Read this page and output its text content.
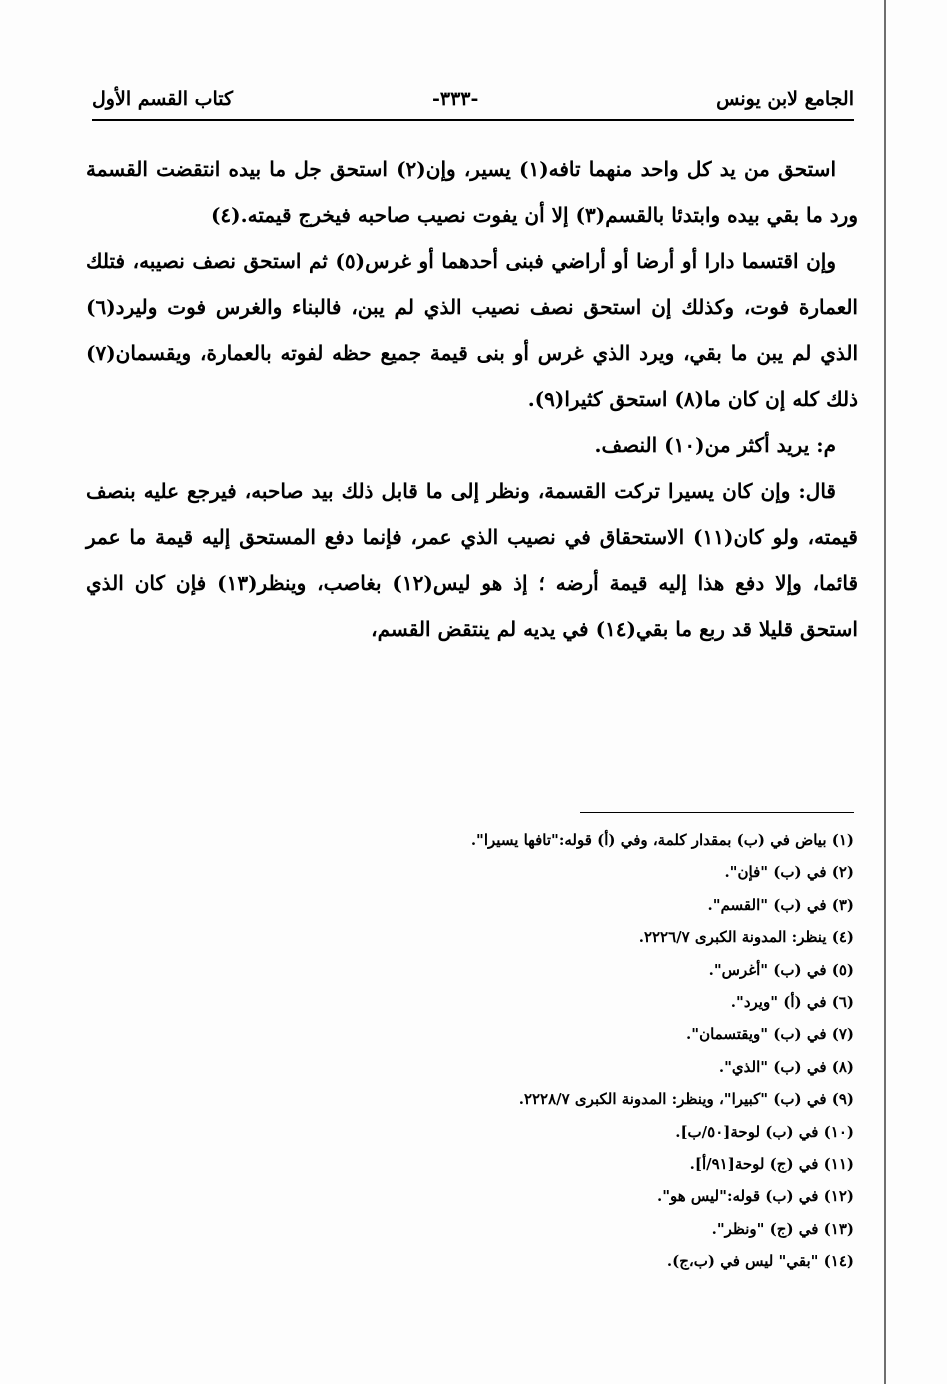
الجامع لابن يونس
-٣٣٣-
كتاب القسم الأول

استحق من يد كل واحد منهما تافه(١) يسير، وإن(٢) استحق جل ما بيده انتقضت القسمة ورد ما بقي بيده وابتدئا بالقسم(٣) إلا أن يفوت نصيب صاحبه فيخرج قيمته.(٤)

وإن اقتسما دارا أو أرضا أو أراضي فبنى أحدهما أو غرس(٥) ثم استحق نصف نصيبه، فتلك العمارة فوت، وكذلك إن استحق نصف نصيب الذي لم يبن، فالبناء والغرس فوت وليرد(٦) الذي لم يبن ما بقي، ويرد الذي غرس أو بنى قيمة جميع حظه لفوته بالعمارة، ويقسمان(٧) ذلك كله إن كان ما(٨) استحق كثيرا(٩).

م: يريد أكثر من(١٠) النصف.

قال: وإن كان يسيرا تركت القسمة، ونظر إلى ما قابل ذلك بيد صاحبه، فيرجع عليه بنصف قيمته، ولو كان(١١) الاستحقاق في نصيب الذي عمر، فإنما دفع المستحق إليه قيمة ما عمر قائما، وإلا دفع هذا إليه قيمة أرضه ؛ إذ هو ليس(١٢) بغاصب، وينظر(١٣) فإن كان الذي استحق قليلا قد ربع ما بقي(١٤) في يديه لم ينتقض القسم،

(١) بياض في (ب) بمقدار كلمة، وفي (أ) قوله:"تافها يسيرا".
(٢) في (ب) "فإن".
(٣) في (ب) "القسم".
(٤) ينظر: المدونة الكبرى ٢٢٢٦/٧.
(٥) في (ب) "أغرس".
(٦) في (أ) "ويرد".
(٧) في (ب) "ويقتسمان".
(٨) في (ب) "الذي".
(٩) في (ب) "كبيرا"، وينظر: المدونة الكبرى ٢٢٢٨/٧.
(١٠) في (ب) لوحة[٥٠/ب].
(١١) في (ج) لوحة[٩١/أ].
(١٢) في (ب) قوله:"ليس هو".
(١٣) في (ج) "ونظر".
(١٤) "بقي" ليس في (ب،ج).
